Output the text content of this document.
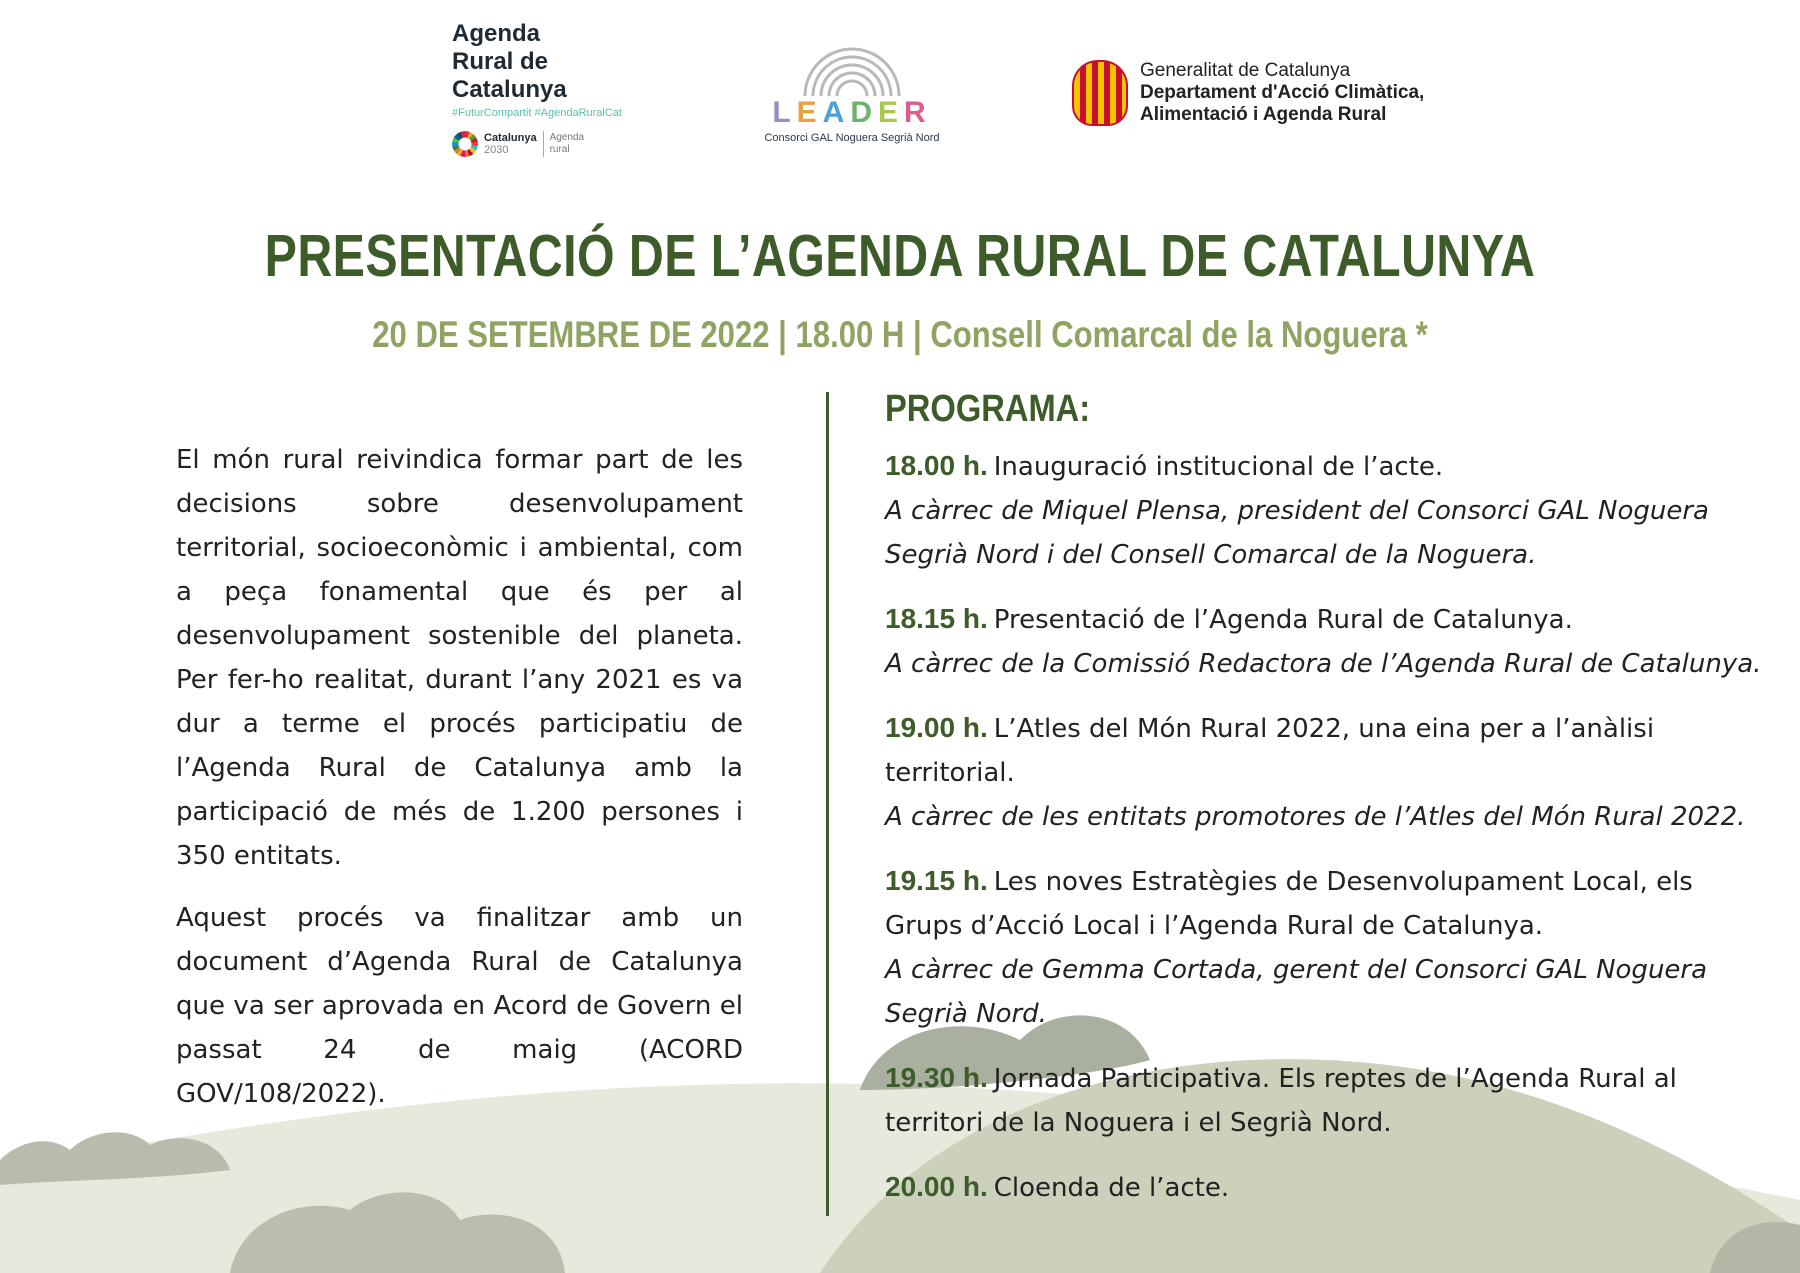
Agenda
Rural de
Catalunya
#FuturCompartit #AgendaRuralCat
Catalunya
2030
Agenda rural
LEADER
Consorci GAL Noguera Segrià Nord
Generalitat de Catalunya
Departament d'Acció Climàtica,
Alimentació i Agenda Rural
PRESENTACIÓ DE L’AGENDA RURAL DE CATALUNYA
20 DE SETEMBRE DE 2022 | 18.00 H | Consell Comarcal de la Noguera *

El món rural reivindica formar part de les decisions sobre desenvolupament territorial, socioeconòmic i ambiental, com a peça fonamental que és per al desenvolupament sostenible del planeta. Per fer-ho realitat, durant l’any 2021 es va dur a terme el procés participatiu de l’Agenda Rural de Catalunya amb la participació de més de 1.200 persones i 350 entitats.

Aquest procés va finalitzar amb un document d’Agenda Rural de Catalunya que va ser aprovada en Acord de Govern el passat 24 de maig (ACORD GOV/108/2022).

PROGRAMA:
18.00 h. Inauguració institucional de l’acte.
A càrrec de Miquel Plensa, president del Consorci GAL Noguera Segrià Nord i del Consell Comarcal de la Noguera.
18.15 h. Presentació de l’Agenda Rural de Catalunya.
A càrrec de la Comissió Redactora de l’Agenda Rural de Catalunya.
19.00 h. L’Atles del Món Rural 2022, una eina per a l’anàlisi territorial.
A càrrec de les entitats promotores de l’Atles del Món Rural 2022.
19.15 h. Les noves Estratègies de Desenvolupament Local, els Grups d’Acció Local i l’Agenda Rural de Catalunya.
A càrrec de Gemma Cortada, gerent del Consorci GAL Noguera Segrià Nord.
19.30 h. Jornada Participativa. Els reptes de l’Agenda Rural al territori de la Noguera i el Segrià Nord.
20.00 h. Cloenda de l’acte.
